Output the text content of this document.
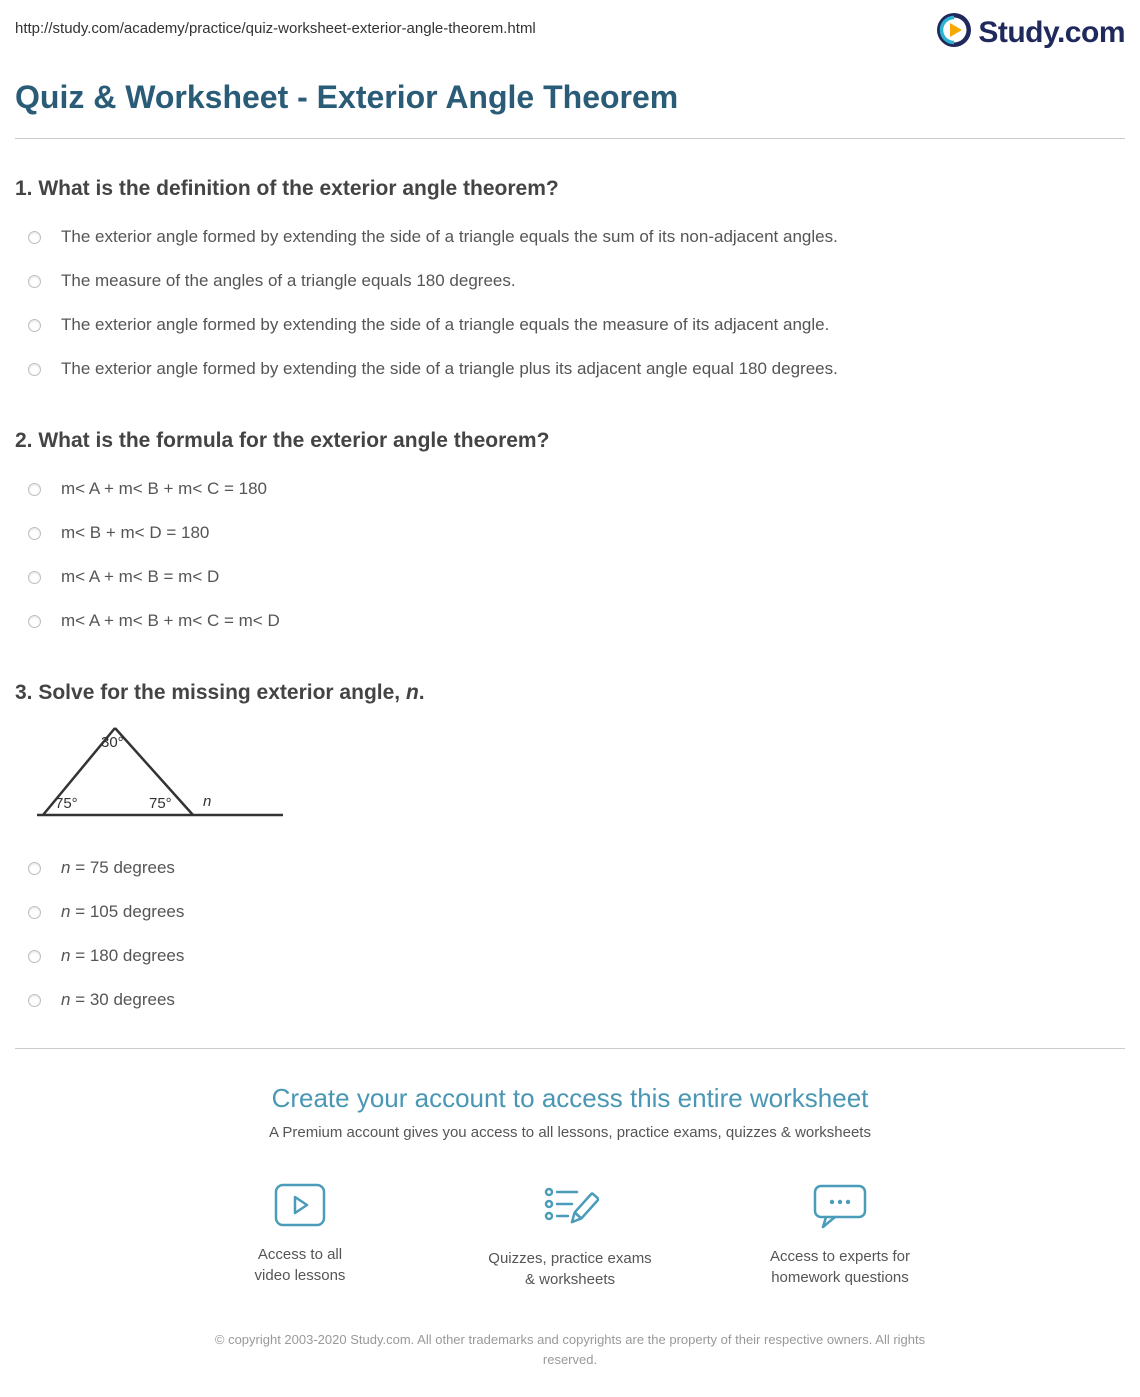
http://study.com/academy/practice/quiz-worksheet-exterior-angle-theorem.html	Study.com
Quiz & Worksheet - Exterior Angle Theorem
1. What is the definition of the exterior angle theorem?
The exterior angle formed by extending the side of a triangle equals the sum of its non-adjacent angles.
The measure of the angles of a triangle equals 180 degrees.
The exterior angle formed by extending the side of a triangle equals the measure of its adjacent angle.
The exterior angle formed by extending the side of a triangle plus its adjacent angle equal 180 degrees.
2. What is the formula for the exterior angle theorem?
m< A + m< B + m< C = 180
m< B + m< D = 180
m< A + m< B = m< D
m< A + m< B + m< C = m< D
3. Solve for the missing exterior angle, n.
30°
75°	75° n
n = 75 degrees
n = 105 degrees
n = 180 degrees
n = 30 degrees
Create your account to access this entire worksheet

A Premium account gives you access to all lessons, practice exams, quizzes & worksheets

Access to all
video lessons
Quizzes, practice exams
& worksheets
Access to experts for
homework questions

© copyright 2003-2020 Study.com. All other trademarks and copyrights are the property of their respective owners. All rights reserved.
